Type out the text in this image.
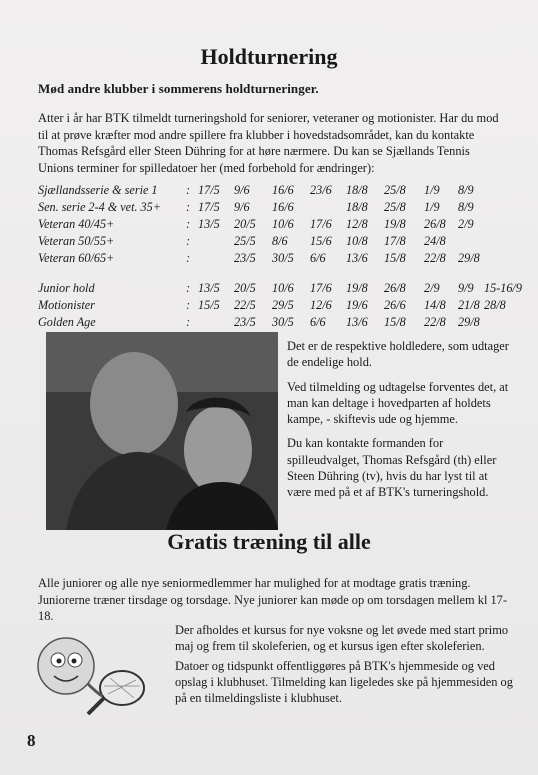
Holdturnering
Mød andre klubber i sommerens holdturneringer.
Atter i år har BTK tilmeldt turneringshold for seniorer, veteraner og motionister. Har du mod til at prøve kræfter mod andre spillere fra klubber i hovedstadsområdet, kan du kontakte Thomas Refsgård eller Steen Dühring for at høre nærmere. Du kan se Sjællands Tennis Unions terminer for spilledatoer her (med forbehold for ændringer):
Sjællandsserie & serie 1 : 17/5 9/6 16/6 23/6 18/8 25/8 1/9 8/9
Sen. serie 2-4 & vet. 35+ : 17/5 9/6 16/6	18/8 25/8 1/9 8/9
Veteran 40/45+	: 13/5 20/5 10/6 17/6 12/8 19/8 26/8 2/9
Veteran 50/55+	:	25/5 8/6 15/6 10/8 17/8 24/8
Veteran 60/65+	:	23/5 30/5 6/6 13/6 15/8 22/8 29/8
Junior hold	: 13/5 20/5 10/6 17/6 19/8 26/8 2/9 9/9 15-16/9
Motionister	: 15/5 22/5 29/5 12/6 19/6 26/6 14/8 21/8 28/8
Golden Age	:	23/5 30/5 6/6 13/6 15/8 22/8 29/8

Det er de respektive holdledere, som udtager de endelige hold.

Ved tilmelding og udtagelse forventes det, at man kan deltage i hovedparten af holdets kampe, - skiftevis ude og hjemme.

Du kan kontakte formanden for spilleudvalget, Thomas Refsgård (th) eller Steen Dühring (tv), hvis du har lyst til at være med på et af BTK's turneringshold.

Gratis træning til alle
Alle juniorer og alle nye seniormedlemmer har mulighed for at modtage gratis træning. Juniorerne træner tirsdage og torsdage. Nye juniorer kan møde op om torsdagen mellem kl 17-18.

Der afholdes et kursus for nye voksne og let øvede med start primo maj og frem til skoleferien, og et kursus igen efter skoleferien.

Datoer og tidspunkt offentliggøres på BTK's hjemmeside og ved opslag i klubhuset. Tilmelding kan ligeledes ske på hjemmesiden og på en tilmeldingsliste i klubhuset.

8
